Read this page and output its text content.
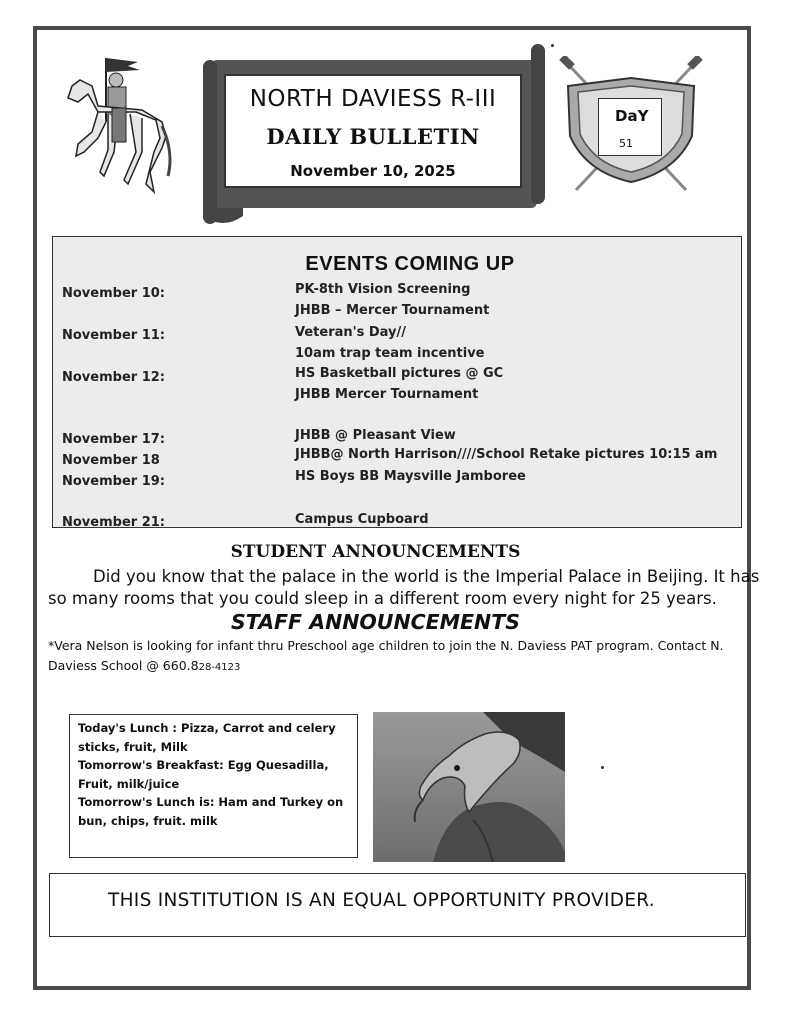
NORTH DAVIESS R-III
DAILY BULLETIN
November 10, 2025
DaY
51
EVENTS COMING UP
November 10:	PK-8th Vision Screening
JHBB – Mercer Tournament
November 11:	Veteran's Day//
10am trap team incentive
November 12:	HS Basketball pictures @ GC
JHBB Mercer Tournament
November 17:	JHBB @ Pleasant View
November 18	JHBB@ North Harrison////School Retake pictures 10:15 am
November 19:	HS Boys BB Maysville Jamboree
November 21:	Campus Cupboard
STUDENT ANNOUNCEMENTS
Did you know that the palace in the world is the Imperial Palace in Beijing. It has so many rooms that you could sleep in a different room every night for 25 years.
STAFF ANNOUNCEMENTS
*Vera Nelson is looking for infant thru Preschool age children to join the N. Daviess PAT program. Contact N. Daviess School @ 660.828-4123
Today's Lunch : Pizza, Carrot and celery sticks, fruit, Milk
Tomorrow's Breakfast: Egg Quesadilla, Fruit, milk/juice
Tomorrow's Lunch is: Ham and Turkey on bun, chips, fruit. milk
THIS INSTITUTION IS AN EQUAL OPPORTUNITY PROVIDER.
